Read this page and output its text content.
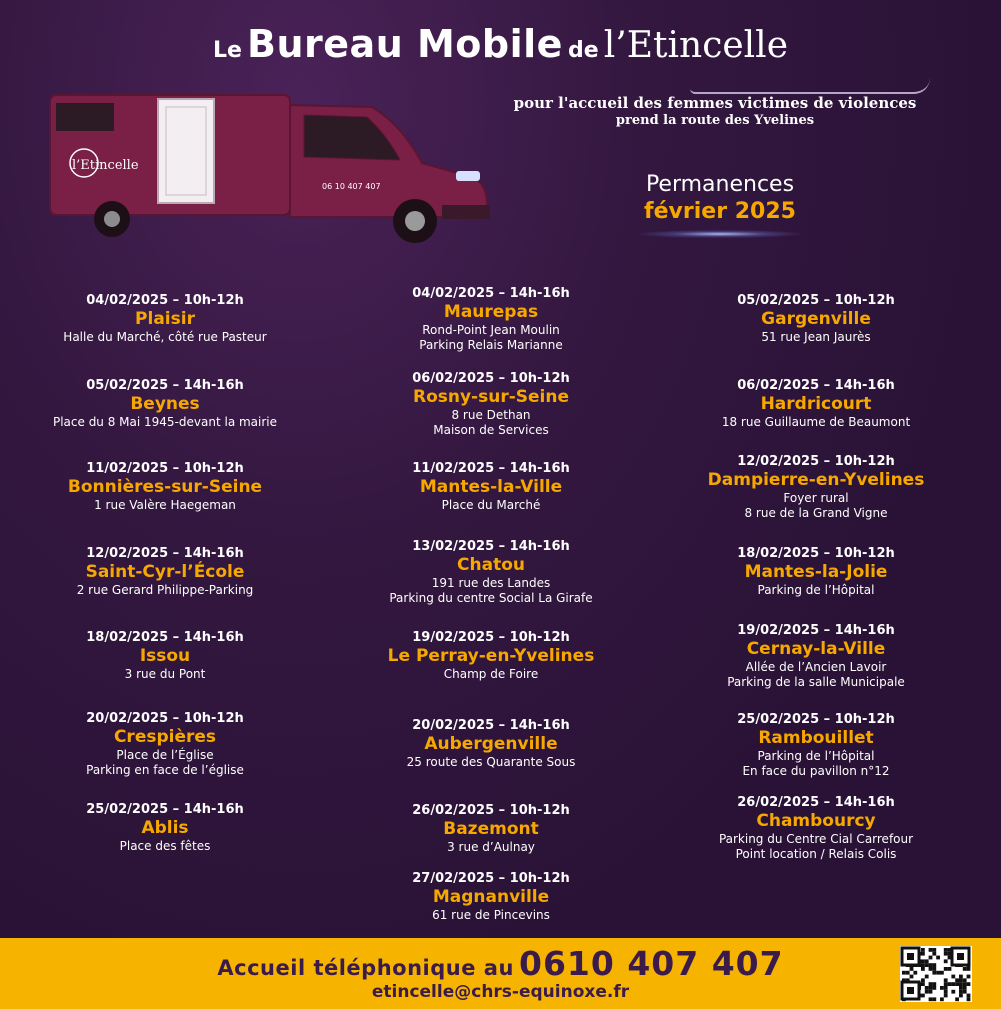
Le Bureau Mobile de l’Etincelle
pour l'accueil des femmes victimes de violences
prend la route des Yvelines
Permanences
février 2025
l’Etincelle
06 10 407 407
04/02/2025 – 10h-12h
Plaisir
Halle du Marché, côté rue Pasteur
05/02/2025 – 14h-16h
Beynes
Place du 8 Mai 1945-devant la mairie
11/02/2025 – 10h-12h
Bonnières-sur-Seine
1 rue Valère Haegeman
12/02/2025 – 14h-16h
Saint-Cyr-l’École
2 rue Gerard Philippe-Parking
18/02/2025 – 14h-16h
Issou
3 rue du Pont
20/02/2025 – 10h-12h
Crespières
Place de l’Église
Parking en face de l’église
25/02/2025 – 14h-16h
Ablis
Place des fêtes
04/02/2025 – 14h-16h
Maurepas
Rond-Point Jean Moulin
Parking Relais Marianne
06/02/2025 – 10h-12h
Rosny-sur-Seine
8 rue Dethan
Maison de Services
11/02/2025 – 14h-16h
Mantes-la-Ville
Place du Marché
13/02/2025 – 14h-16h
Chatou
191 rue des Landes
Parking du centre Social La Girafe
19/02/2025 – 10h-12h
Le Perray-en-Yvelines
Champ de Foire
20/02/2025 – 14h-16h
Aubergenville
25 route des Quarante Sous
26/02/2025 – 10h-12h
Bazemont
3 rue d’Aulnay
27/02/2025 – 10h-12h
Magnanville
61 rue de Pincevins
05/02/2025 – 10h-12h
Gargenville
51 rue Jean Jaurès
06/02/2025 – 14h-16h
Hardricourt
18 rue Guillaume de Beaumont
12/02/2025 – 10h-12h
Dampierre-en-Yvelines
Foyer rural
8 rue de la Grand Vigne
18/02/2025 – 10h-12h
Mantes-la-Jolie
Parking de l’Hôpital
19/02/2025 – 14h-16h
Cernay-la-Ville
Allée de l’Ancien Lavoir
Parking de la salle Municipale
25/02/2025 – 10h-12h
Rambouillet
Parking de l’Hôpital
En face du pavillon n°12
26/02/2025 – 14h-16h
Chambourcy
Parking du Centre Cial Carrefour
Point location / Relais Colis
Accueil téléphonique au 0610 407 407
etincelle@chrs-equinoxe.fr
